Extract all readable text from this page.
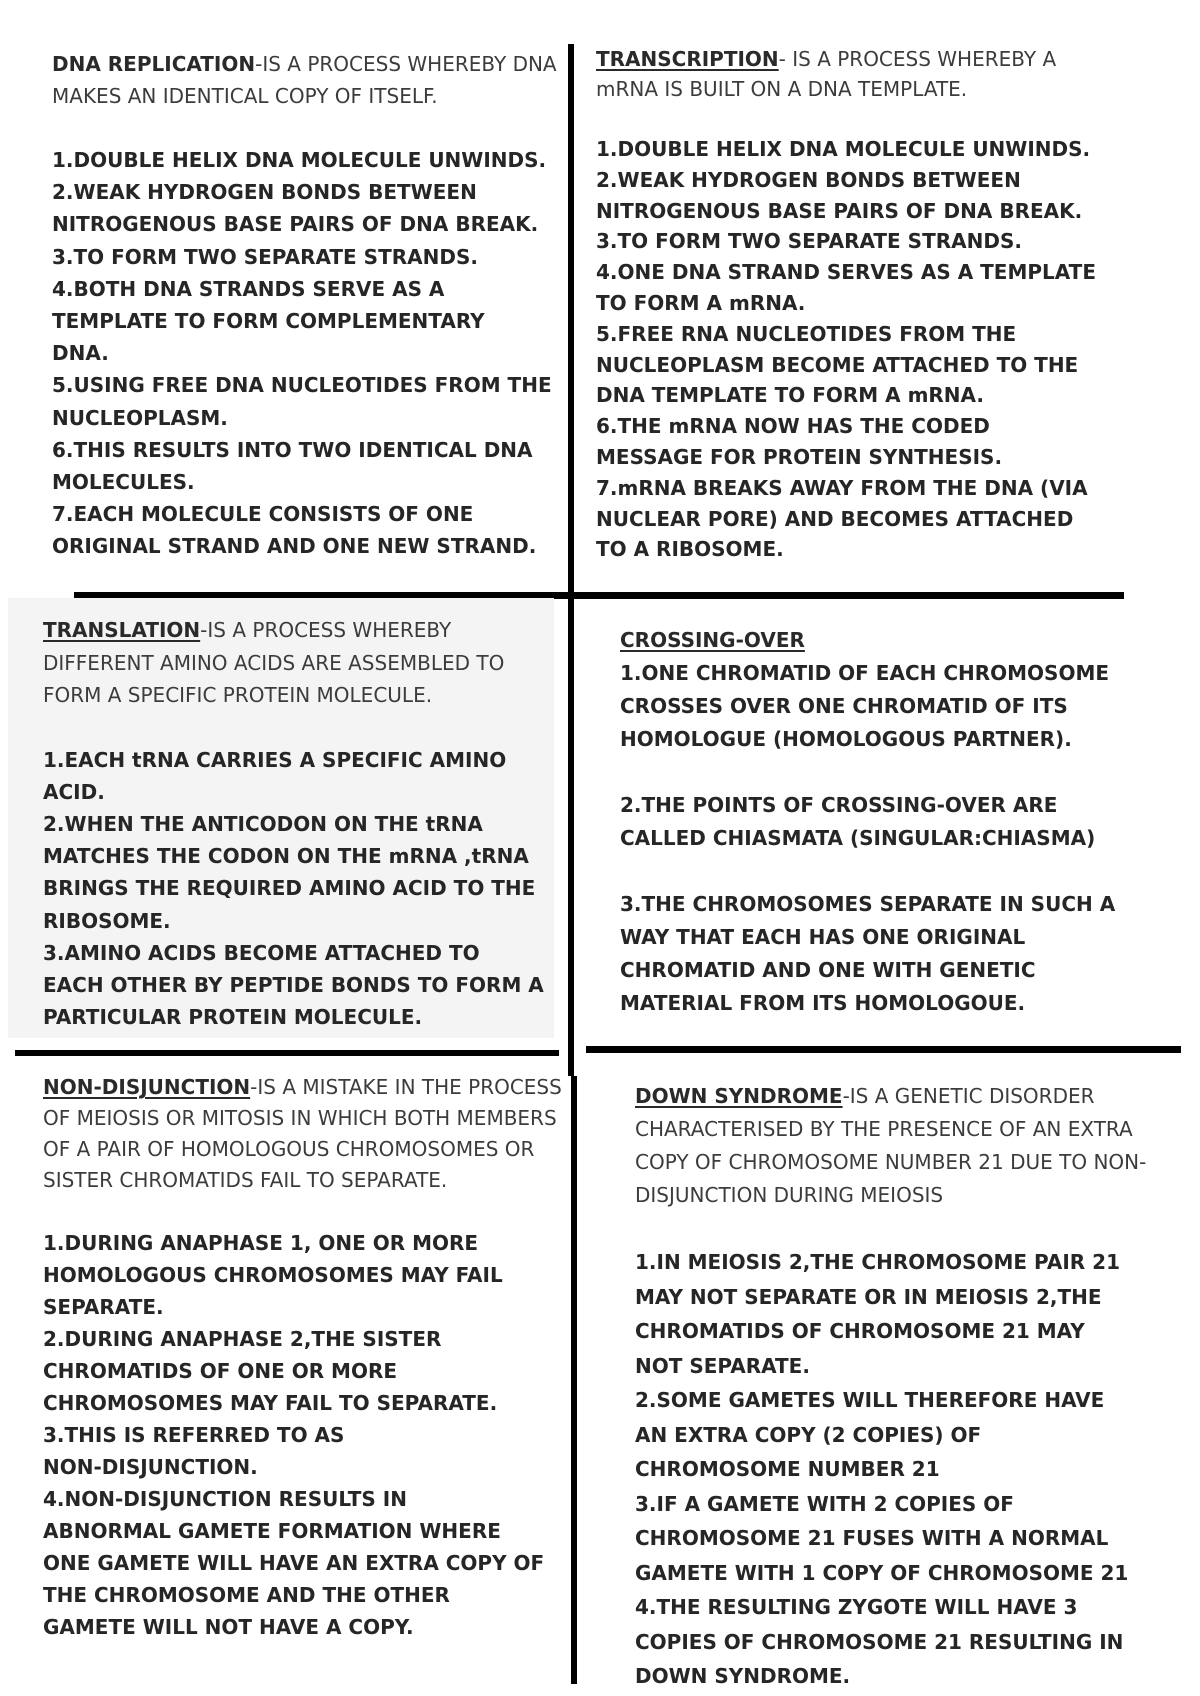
DNA REPLICATION-IS A PROCESS WHEREBY DNA MAKES AN IDENTICAL COPY OF ITSELF.

1.DOUBLE HELIX DNA MOLECULE UNWINDS.

2.WEAK HYDROGEN BONDS BETWEEN
NITROGENOUS BASE PAIRS OF DNA BREAK.

3.TO FORM TWO SEPARATE STRANDS.

4.BOTH DNA STRANDS SERVE AS A
TEMPLATE TO FORM COMPLEMENTARY
DNA.

5.USING FREE DNA NUCLEOTIDES FROM THE
NUCLEOPLASM.

6.THIS RESULTS INTO TWO IDENTICAL DNA
MOLECULES.

7.EACH MOLECULE CONSISTS OF ONE
ORIGINAL STRAND AND ONE NEW STRAND.

TRANSCRIPTION- IS A PROCESS WHEREBY A mRNA IS BUILT ON A DNA TEMPLATE.

1.DOUBLE HELIX DNA MOLECULE UNWINDS.

2.WEAK HYDROGEN BONDS BETWEEN
NITROGENOUS BASE PAIRS OF DNA BREAK.

3.TO FORM TWO SEPARATE STRANDS.

4.ONE DNA STRAND SERVES AS A TEMPLATE
TO FORM A mRNA.

5.FREE RNA NUCLEOTIDES FROM THE
NUCLEOPLASM BECOME ATTACHED TO THE
DNA TEMPLATE TO FORM A mRNA.

6.THE mRNA NOW HAS THE CODED
MESSAGE FOR PROTEIN SYNTHESIS.

7.mRNA BREAKS AWAY FROM THE DNA (VIA
NUCLEAR PORE) AND BECOMES ATTACHED
TO A RIBOSOME.

TRANSLATION-IS A PROCESS WHEREBY DIFFERENT AMINO ACIDS ARE ASSEMBLED TO FORM A SPECIFIC PROTEIN MOLECULE.

1.EACH tRNA CARRIES A SPECIFIC AMINO
ACID.

2.WHEN THE ANTICODON ON THE tRNA
MATCHES THE CODON ON THE mRNA ,tRNA
BRINGS THE REQUIRED AMINO ACID TO THE
RIBOSOME.

3.AMINO ACIDS BECOME ATTACHED TO
EACH OTHER BY PEPTIDE BONDS TO FORM A
PARTICULAR PROTEIN MOLECULE.

CROSSING-OVER

1.ONE CHROMATID OF EACH CHROMOSOME
CROSSES OVER ONE CHROMATID OF ITS
HOMOLOGUE (HOMOLOGOUS PARTNER).

2.THE POINTS OF CROSSING-OVER ARE
CALLED CHIASMATA (SINGULAR:CHIASMA)

3.THE CHROMOSOMES SEPARATE IN SUCH A
WAY THAT EACH HAS ONE ORIGINAL
CHROMATID AND ONE WITH GENETIC
MATERIAL FROM ITS HOMOLOGOUE.

NON-DISJUNCTION-IS A MISTAKE IN THE PROCESS OF MEIOSIS OR MITOSIS IN WHICH BOTH MEMBERS OF A PAIR OF HOMOLOGOUS CHROMOSOMES OR SISTER CHROMATIDS FAIL TO SEPARATE.

1.DURING ANAPHASE 1, ONE OR MORE
HOMOLOGOUS CHROMOSOMES MAY FAIL
SEPARATE.

2.DURING ANAPHASE 2,THE SISTER
CHROMATIDS OF ONE OR MORE
CHROMOSOMES MAY FAIL TO SEPARATE.

3.THIS IS REFERRED TO AS
NON-DISJUNCTION.

4.NON-DISJUNCTION RESULTS IN
ABNORMAL GAMETE FORMATION WHERE
ONE GAMETE WILL HAVE AN EXTRA COPY OF
THE CHROMOSOME AND THE OTHER
GAMETE WILL NOT HAVE A COPY.

DOWN SYNDROME-IS A GENETIC DISORDER CHARACTERISED BY THE PRESENCE OF AN EXTRA COPY OF CHROMOSOME NUMBER 21 DUE TO NON-DISJUNCTION DURING MEIOSIS

1.IN MEIOSIS 2,THE CHROMOSOME PAIR 21
MAY NOT SEPARATE OR IN MEIOSIS 2,THE
CHROMATIDS OF CHROMOSOME 21 MAY
NOT SEPARATE.

2.SOME GAMETES WILL THEREFORE HAVE
AN EXTRA COPY (2 COPIES) OF
CHROMOSOME NUMBER 21

3.IF A GAMETE WITH 2 COPIES OF
CHROMOSOME 21 FUSES WITH A NORMAL
GAMETE WITH 1 COPY OF CHROMOSOME 21

4.THE RESULTING ZYGOTE WILL HAVE 3
COPIES OF CHROMOSOME 21 RESULTING IN
DOWN SYNDROME.
